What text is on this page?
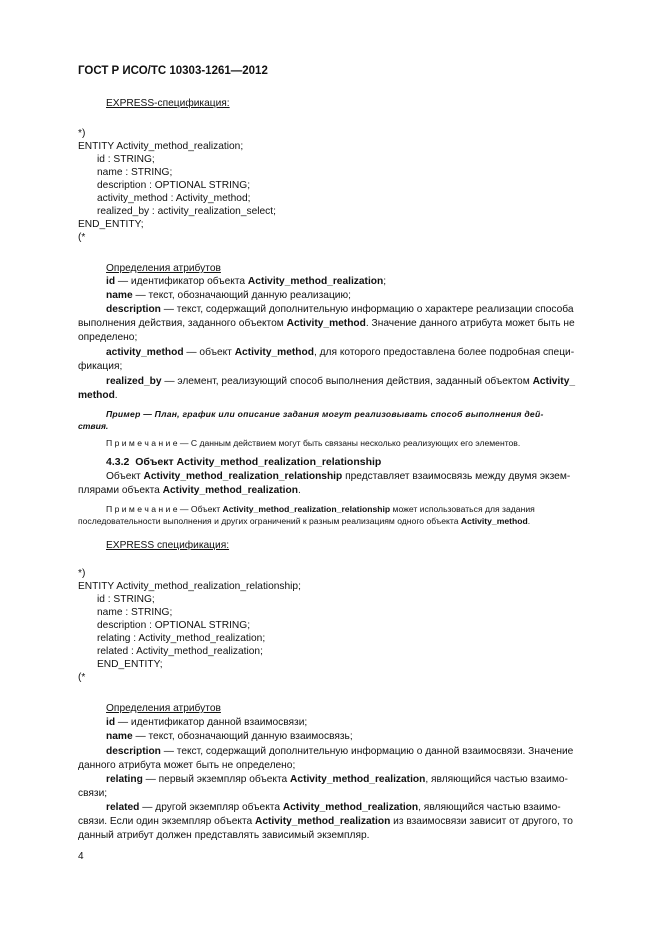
ГОСТ Р ИСО/ТС 10303-1261—2012
EXPRESS-спецификация:
*)
ENTITY Activity_method_realization;
id : STRING;
name : STRING;
description : OPTIONAL STRING;
activity_method : Activity_method;
realized_by : activity_realization_select;
END_ENTITY;
(*
Определения атрибутов
id — идентификатор объекта Activity_method_realization;
name — текст, обозначающий данную реализацию;
description — текст, содержащий дополнительную информацию о характере реализации способа
выполнения действия, заданного объектом Activity_method. Значение данного атрибута может быть не
определено;
activity_method — объект Activity_method, для которого предоставлена более подробная специ-
фикация;
realized_by — элемент, реализующий способ выполнения действия, заданный объектом Activity_
method.
Пример — План, график или описание задания могут реализовывать способ выполнения дей-
ствия.
П р и м е ч а н и е — С данным действием могут быть связаны несколько реализующих его элементов.
4.3.2 Объект Activity_method_realization_relationship
Объект Activity_method_realization_relationship представляет взаимосвязь между двумя экзем-
плярами объекта Activity_method_realization.
П р и м е ч а н и е — Объект Activity_method_realization_relationship может использоваться для задания
последовательности выполнения и других ограничений к разным реализациям одного объекта Activity_method.
EXPRESS спецификация:
*)
ENTITY Activity_method_realization_relationship;
id : STRING;
name : STRING;
description : OPTIONAL STRING;
relating : Activity_method_realization;
related : Activity_method_realization;
END_ENTITY;
(*
Определения атрибутов
id — идентификатор данной взаимосвязи;
name — текст, обозначающий данную взаимосвязь;
description — текст, содержащий дополнительную информацию о данной взаимосвязи. Значение
данного атрибута может быть не определено;
relating — первый экземпляр объекта Activity_method_realization, являющийся частью взаимо-
связи;
related — другой экземпляр объекта Activity_method_realization, являющийся частью взаимо-
связи. Если один экземпляр объекта Activity_method_realization из взаимосвязи зависит от другого, то
данный атрибут должен представлять зависимый экземпляр.
4
